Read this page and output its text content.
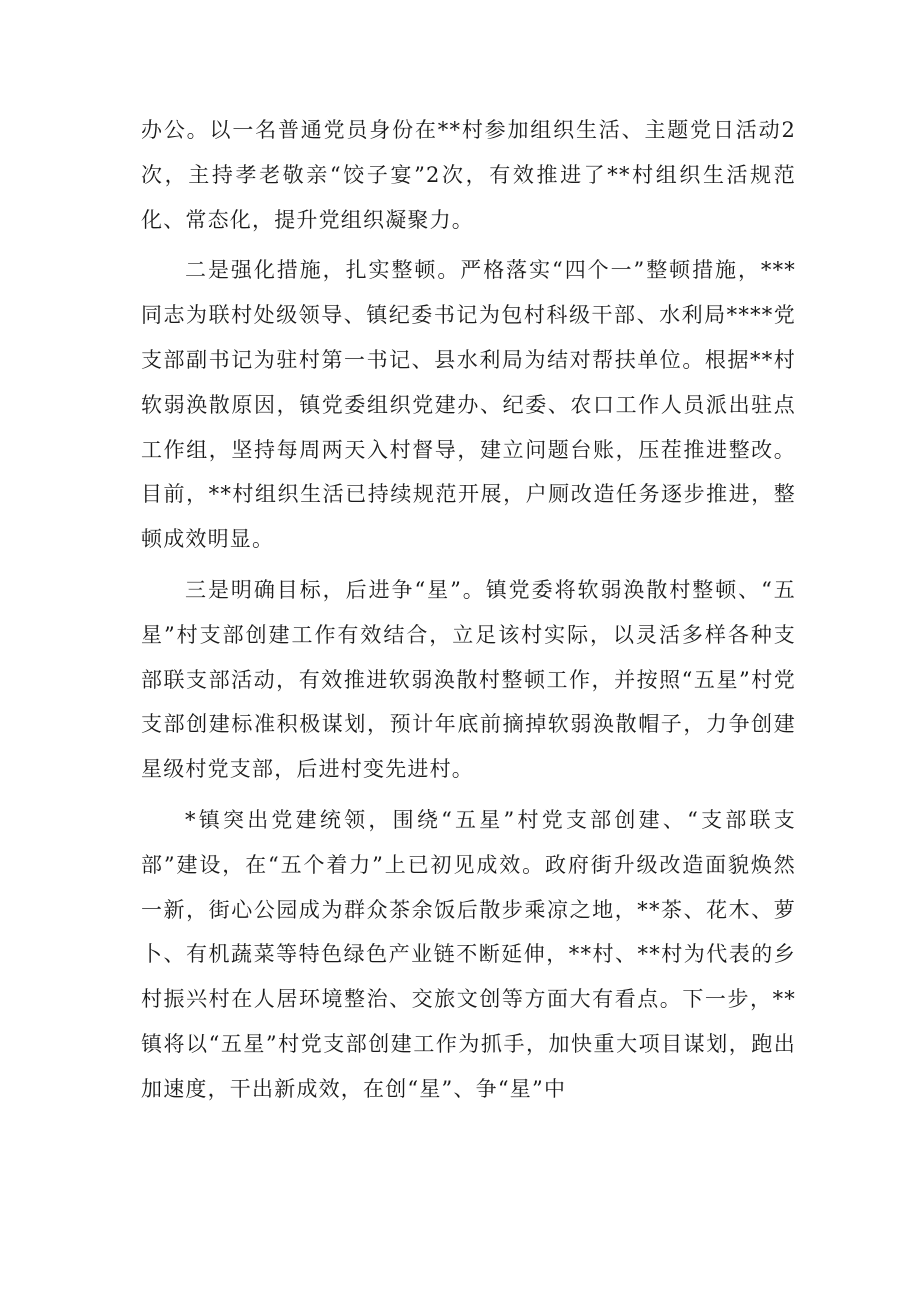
办公。以一名普通党员身份在**村参加组织生活、主题党日活动2次，主持孝老敬亲“饺子宴”2次，有效推进了**村组织生活规范化、常态化，提升党组织凝聚力。

二是强化措施，扎实整顿。严格落实“四个一”整顿措施，***同志为联村处级领导、镇纪委书记为包村科级干部、水利局****党支部副书记为驻村第一书记、县水利局为结对帮扶单位。根据**村软弱涣散原因，镇党委组织党建办、纪委、农口工作人员派出驻点工作组，坚持每周两天入村督导，建立问题台账，压茬推进整改。目前，**村组织生活已持续规范开展，户厕改造任务逐步推进，整顿成效明显。

三是明确目标，后进争“星”。镇党委将软弱涣散村整顿、“五星”村支部创建工作有效结合，立足该村实际，以灵活多样各种支部联支部活动，有效推进软弱涣散村整顿工作，并按照“五星”村党支部创建标准积极谋划，预计年底前摘掉软弱涣散帽子，力争创建星级村党支部，后进村变先进村。

*镇突出党建统领，围绕“五星”村党支部创建、“支部联支部”建设，在“五个着力”上已初见成效。政府街升级改造面貌焕然一新，街心公园成为群众茶余饭后散步乘凉之地，**茶、花木、萝卜、有机蔬菜等特色绿色产业链不断延伸，**村、**村为代表的乡村振兴村在人居环境整治、交旅文创等方面大有看点。下一步，**镇将以“五星”村党支部创建工作为抓手，加快重大项目谋划，跑出加速度，干出新成效，在创“星”、争“星”中
